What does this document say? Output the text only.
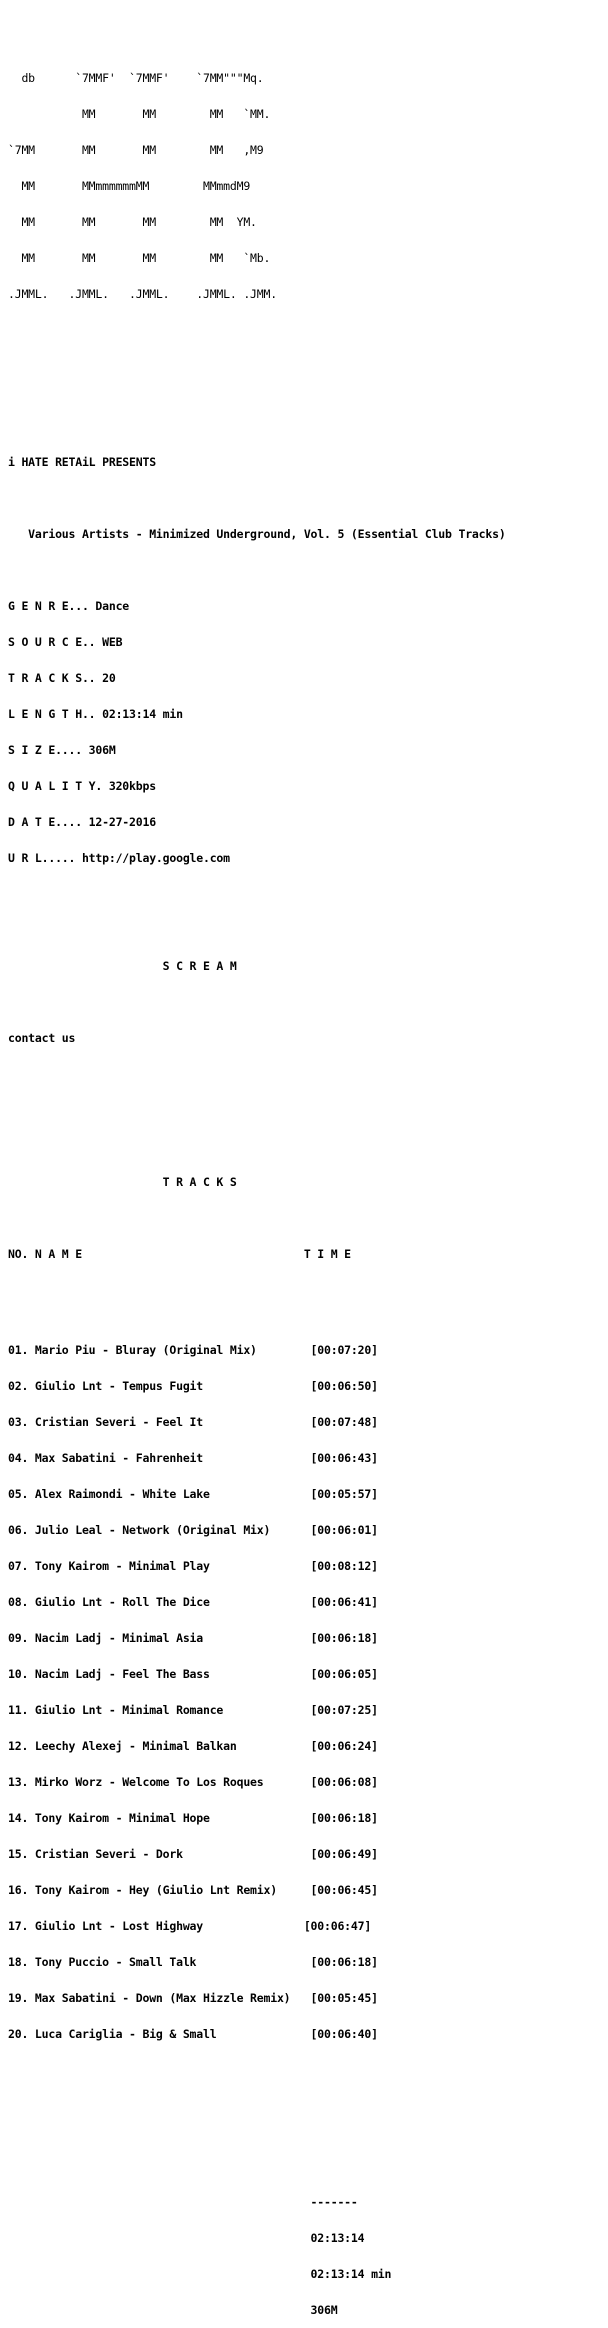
db      `7MMF'  `7MMF'    `7MM"""Mq.

MM       MM        MM   `MM.

`7MM       MM       MM        MM   ,M9

MM       MMmmmmmmMM        MMmmdM9

MM       MM       MM        MM  YM.

MM       MM       MM        MM   `Mb.

.JMML.   .JMML.   .JMML.    .JMML. .JMM.

i HATE RETAiL PRESENTS

Various Artists - Minimized Underground, Vol. 5 (Essential Club Tracks)

G E N R E... Dance

S O U R C E.. WEB

T R A C K S.. 20

L E N G T H.. 02:13:14 min

S I Z E.... 306M

Q U A L I T Y. 320kbps

D A T E.... 12-27-2016

U R L..... http://play.google.com

S C R E A M

contact us

T R A C K S

NO. N A M E                                 T I M E

01. Mario Piu - Bluray (Original Mix)        [00:07:20]

02. Giulio Lnt - Tempus Fugit                [00:06:50]

03. Cristian Severi - Feel It                [00:07:48]

04. Max Sabatini - Fahrenheit                [00:06:43]

05. Alex Raimondi - White Lake               [00:05:57]

06. Julio Leal - Network (Original Mix)      [00:06:01]

07. Tony Kairom - Minimal Play               [00:08:12]

08. Giulio Lnt - Roll The Dice               [00:06:41]

09. Nacim Ladj - Minimal Asia                [00:06:18]

10. Nacim Ladj - Feel The Bass               [00:06:05]

11. Giulio Lnt - Minimal Romance             [00:07:25]

12. Leechy Alexej - Minimal Balkan           [00:06:24]

13. Mirko Worz - Welcome To Los Roques       [00:06:08]

14. Tony Kairom - Minimal Hope               [00:06:18]

15. Cristian Severi - Dork                   [00:06:49]

16. Tony Kairom - Hey (Giulio Lnt Remix)     [00:06:45]

17. Giulio Lnt - Lost Highway               [00:06:47]

18. Tony Puccio - Small Talk                 [00:06:18]

19. Max Sabatini - Down (Max Hizzle Remix)   [00:05:45]

20. Luca Cariglia - Big & Small              [00:06:40]

-------

02:13:14

02:13:14 min

306M
